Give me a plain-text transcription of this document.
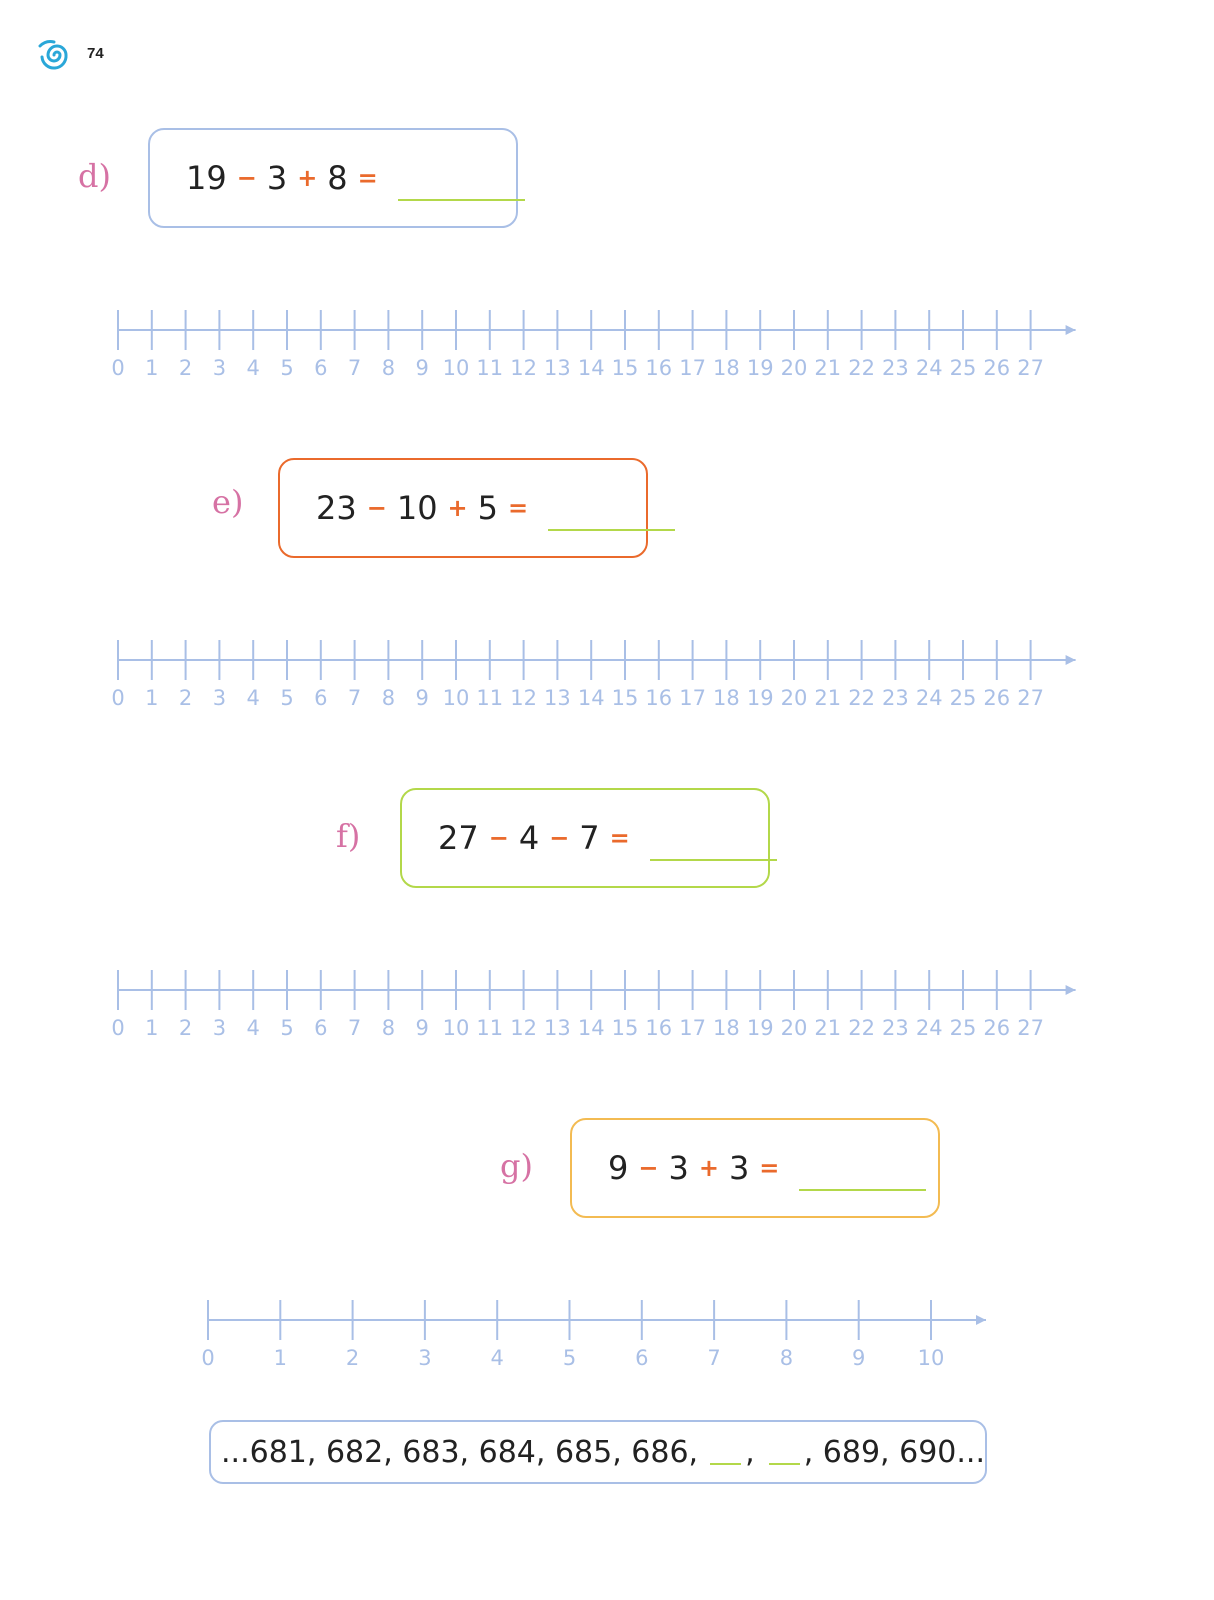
74
d) 19 − 3 + 8 =
0 1 2 3 4 5 6 7 8 9 10 11 12 13 14 15 16 17 18 19 20 21 22 23 24 25 26 27
e) 23 − 10 + 5 =
0 1 2 3 4 5 6 7 8 9 10 11 12 13 14 15 16 17 18 19 20 21 22 23 24 25 26 27
f) 27 − 4 − 7 =
0 1 2 3 4 5 6 7 8 9 10 11 12 13 14 15 16 17 18 19 20 21 22 23 24 25 26 27
g) 9 − 3 + 3 =
0	1	2	3	4	5	6	7	8	9 10
...681, 682, 683, 684, 685, 686, , , 689, 690...
